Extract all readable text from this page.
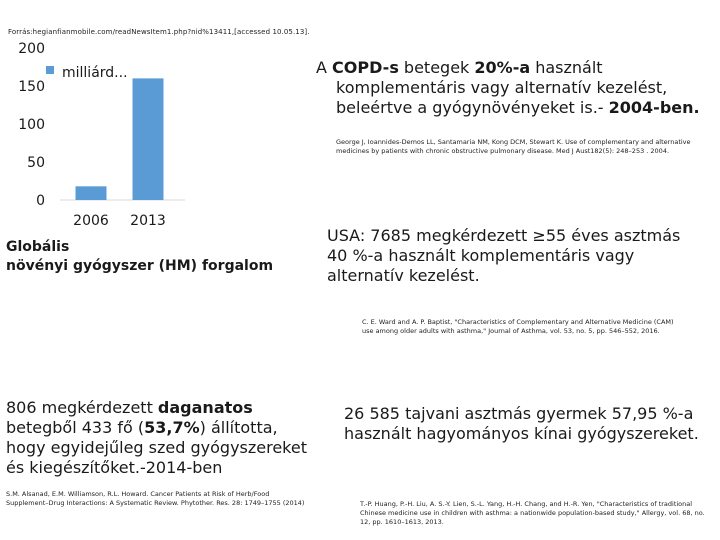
Forrás:hegianfianmobile.com/readNewsItem1.php?nid%13411,[accessed 10.05.13].
0
50
100
150
200
2006 2013
milliárd...
Globális
növényi gyógyszer (HM) forgalom
A COPD-s betegek 20%-a használt
komplementáris vagy alternatív kezelést,
beleértve a gyógynövényeket is.- 2004-ben.
George J, Ioannides-Demos LL, Santamaria NM, Kong DCM, Stewart K. Use of complementary and alternative
medicines by patients with chronic obstructive pulmonary disease. Med J Aust182(5): 248–253 . 2004.
USA: 7685 megkérdezett ≥55 éves asztmás
40 %-a használt komplementáris vagy
alternatív kezelést.
C. E. Ward and A. P. Baptist, "Characteristics of Complementary and Alternative Medicine (CAM)
use among older adults with asthma," Journal of Asthma, vol. 53, no. 5, pp. 546–552, 2016.
806 megkérdezett daganatos
betegből 433 fő (53,7%) állította,
hogy egyidejűleg szed gyógyszereket
és kiegészítőket.-2014-ben
S.M. Alsanad, E.M. Williamson, R.L. Howard. Cancer Patients at Risk of Herb/Food
Supplement–Drug Interactions: A Systematic Review. Phytother. Res. 28: 1749–1755 (2014)
26 585 tajvani asztmás gyermek 57,95 %-a
használt hagyományos kínai gyógyszereket.
T.-P. Huang, P.-H. Liu, A. S.-Y. Lien, S.-L. Yang, H.-H. Chang, and H.-R. Yen, "Characteristics of traditional
Chinese medicine use in children with asthma: a nationwide population-based study," Allergy, vol. 68, no.
12, pp. 1610–1613, 2013.
